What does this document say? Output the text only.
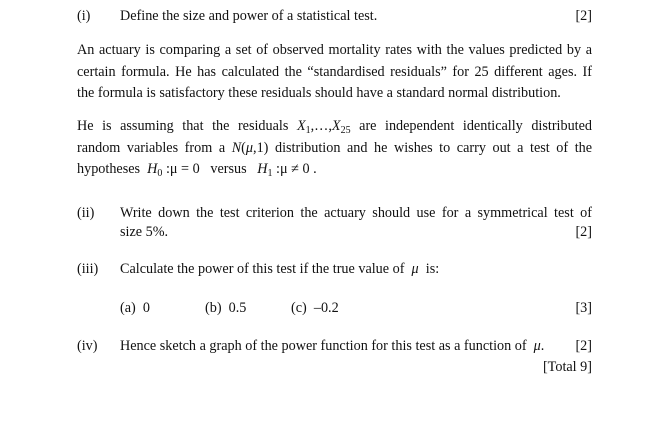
(i) Define the size and power of a statistical test.	[2]
An actuary is comparing a set of observed mortality rates with the values predicted by a
certain formula. He has calculated the “standardised residuals” for 25 different ages. If
the formula is satisfactory these residuals should have a standard normal distribution.
He is assuming that the residuals $X_1,\dots,X_{25}$ are independent identically distributed
random variables from a N(μ,1) distribution and he wishes to carry out a test of the
hypotheses $H_0$ :μ = 0 versus $H_1$ :μ ≠ 0 .
(ii) Write down the test criterion the actuary should use for a symmetrical test of
size 5%.	[2]
(iii) Calculate the power of this test if the true value of μ is:
(a) 0	(b) 0.5	(c) –0.2	[3]
(iv) Hence sketch a graph of the power function for this test as a function of μ. [2]
[Total 9]
